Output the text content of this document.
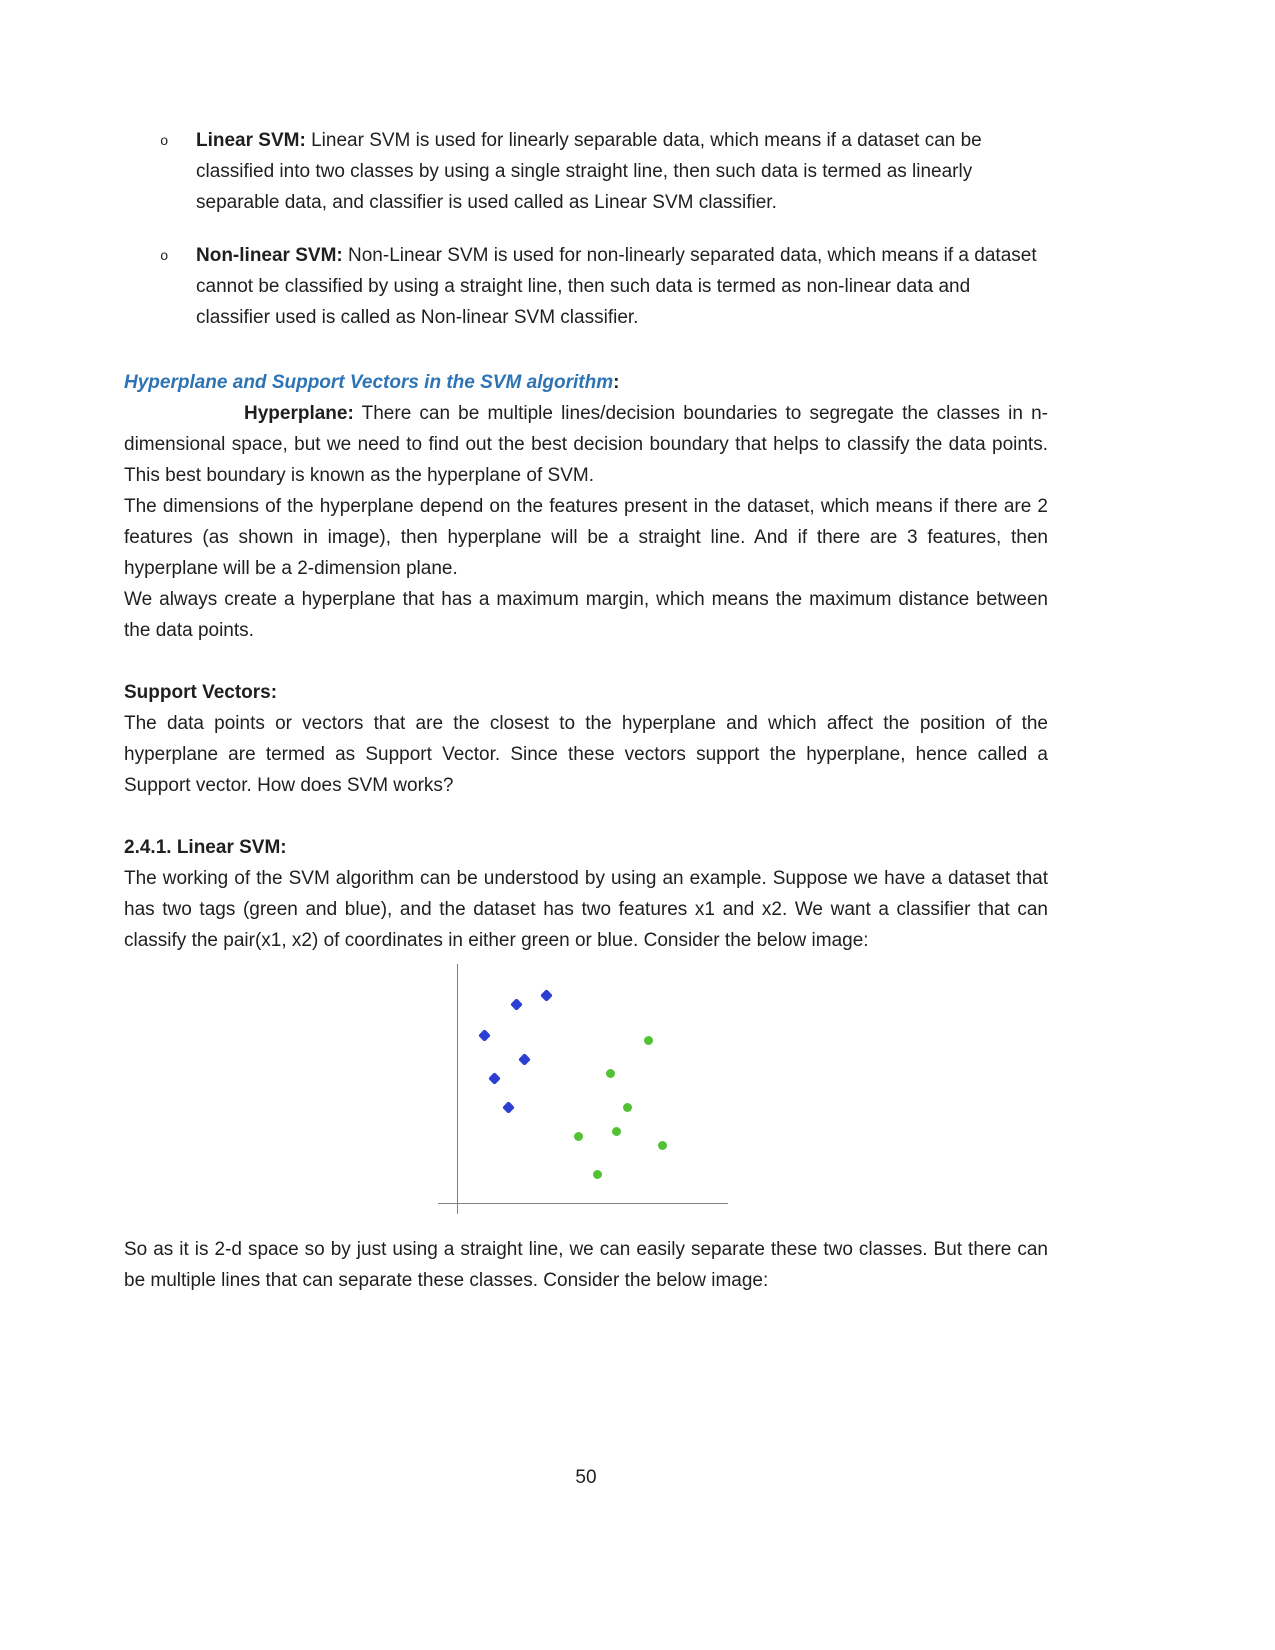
o Linear SVM: Linear SVM is used for linearly separable data, which means if a dataset can be classified into two classes by using a single straight line, then such data is termed as linearly separable data, and classifier is used called as Linear SVM classifier.
o Non-linear SVM: Non-Linear SVM is used for non-linearly separated data, which means if a dataset cannot be classified by using a straight line, then such data is termed as non-linear data and classifier used is called as Non-linear SVM classifier.

Hyperplane and Support Vectors in the SVM algorithm:

Hyperplane: There can be multiple lines/decision boundaries to segregate the classes in n-dimensional space, but we need to find out the best decision boundary that helps to classify the data points. This best boundary is known as the hyperplane of SVM.

The dimensions of the hyperplane depend on the features present in the dataset, which means if there are 2 features (as shown in image), then hyperplane will be a straight line. And if there are 3 features, then hyperplane will be a 2-dimension plane.

We always create a hyperplane that has a maximum margin, which means the maximum distance between the data points.

Support Vectors:

The data points or vectors that are the closest to the hyperplane and which affect the position of the hyperplane are termed as Support Vector. Since these vectors support the hyperplane, hence called a Support vector. How does SVM works?

2.4.1. Linear SVM:

The working of the SVM algorithm can be understood by using an example. Suppose we have a dataset that has two tags (green and blue), and the dataset has two features x1 and x2. We want a classifier that can classify the pair(x1, x2) of coordinates in either green or blue. Consider the below image:

So as it is 2-d space so by just using a straight line, we can easily separate these two classes. But there can be multiple lines that can separate these classes. Consider the below image:

50
